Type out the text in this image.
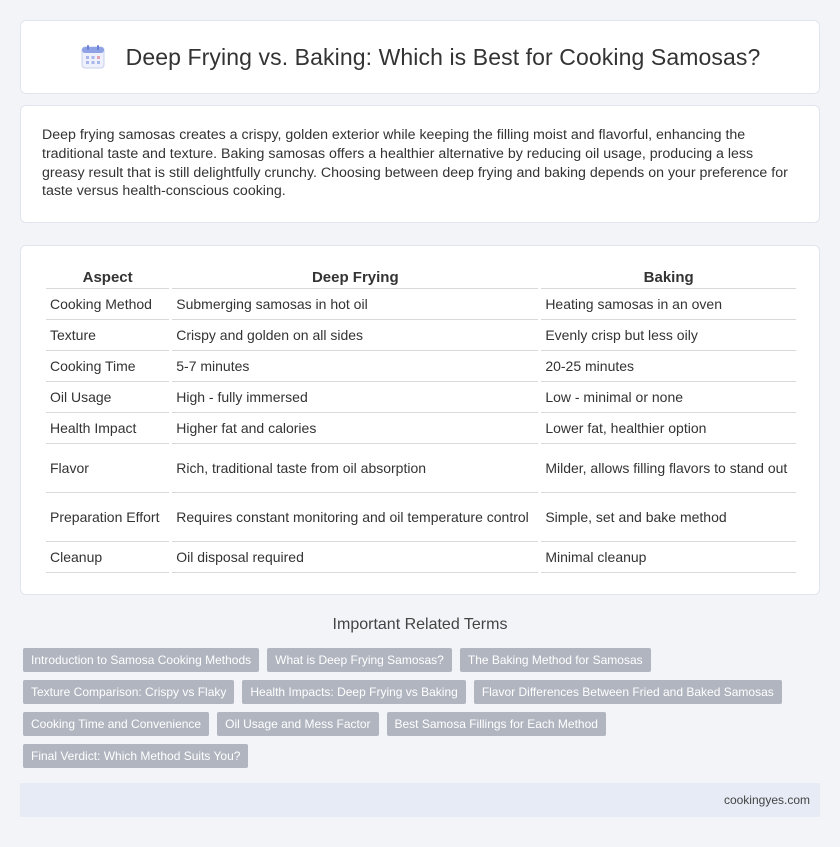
Deep Frying vs. Baking: Which is Best for Cooking Samosas?

Deep frying samosas creates a crispy, golden exterior while keeping the filling moist and flavorful, enhancing the traditional taste and texture. Baking samosas offers a healthier alternative by reducing oil usage, producing a less greasy result that is still delightfully crunchy. Choosing between deep frying and baking depends on your preference for taste versus health-conscious cooking.

Aspect	Deep Frying	Baking
Cooking Method	Submerging samosas in hot oil	Heating samosas in an oven
Texture	Crispy and golden on all sides	Evenly crisp but less oily
Cooking Time	5-7 minutes	20-25 minutes
Oil Usage	High - fully immersed	Low - minimal or none
Health Impact	Higher fat and calories	Lower fat, healthier option
Flavor	Rich, traditional taste from oil absorption	Milder, allows filling flavors to stand out
Preparation Effort	Requires constant monitoring and oil temperature control	Simple, set and bake method
Cleanup	Oil disposal required	Minimal cleanup
Important Related Terms
Introduction to Samosa Cooking Methods	What is Deep Frying Samosas?	The Baking Method for Samosas
Texture Comparison: Crispy vs Flaky	Health Impacts: Deep Frying vs Baking	Flavor Differences Between Fried and Baked Samosas
Cooking Time and Convenience	Oil Usage and Mess Factor	Best Samosa Fillings for Each Method
Final Verdict: Which Method Suits You?
cookingyes.com
